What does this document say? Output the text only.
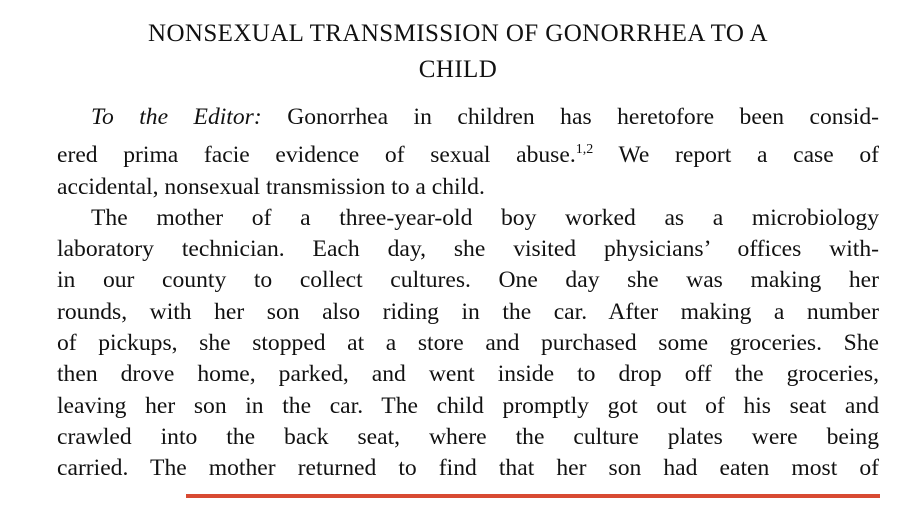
NONSEXUAL TRANSMISSION OF GONORRHEA TO A
CHILD
To the Editor: Gonorrhea in children has heretofore been consid-
ered prima facie evidence of sexual abuse.$^{1,2}$ We report a case of
accidental, nonsexual transmission to a child.
The mother of a three-year-old boy worked as a microbiology
laboratory technician. Each day, she visited physicians’ offices with-
in our county to collect cultures. One day she was making her
rounds, with her son also riding in the car. After making a number
of pickups, she stopped at a store and purchased some groceries. She
then drove home, parked, and went inside to drop off the groceries,
leaving her son in the car. The child promptly got out of his seat and
crawled into the back seat, where the culture plates were being
carried. The mother returned to find that her son had eaten most of
